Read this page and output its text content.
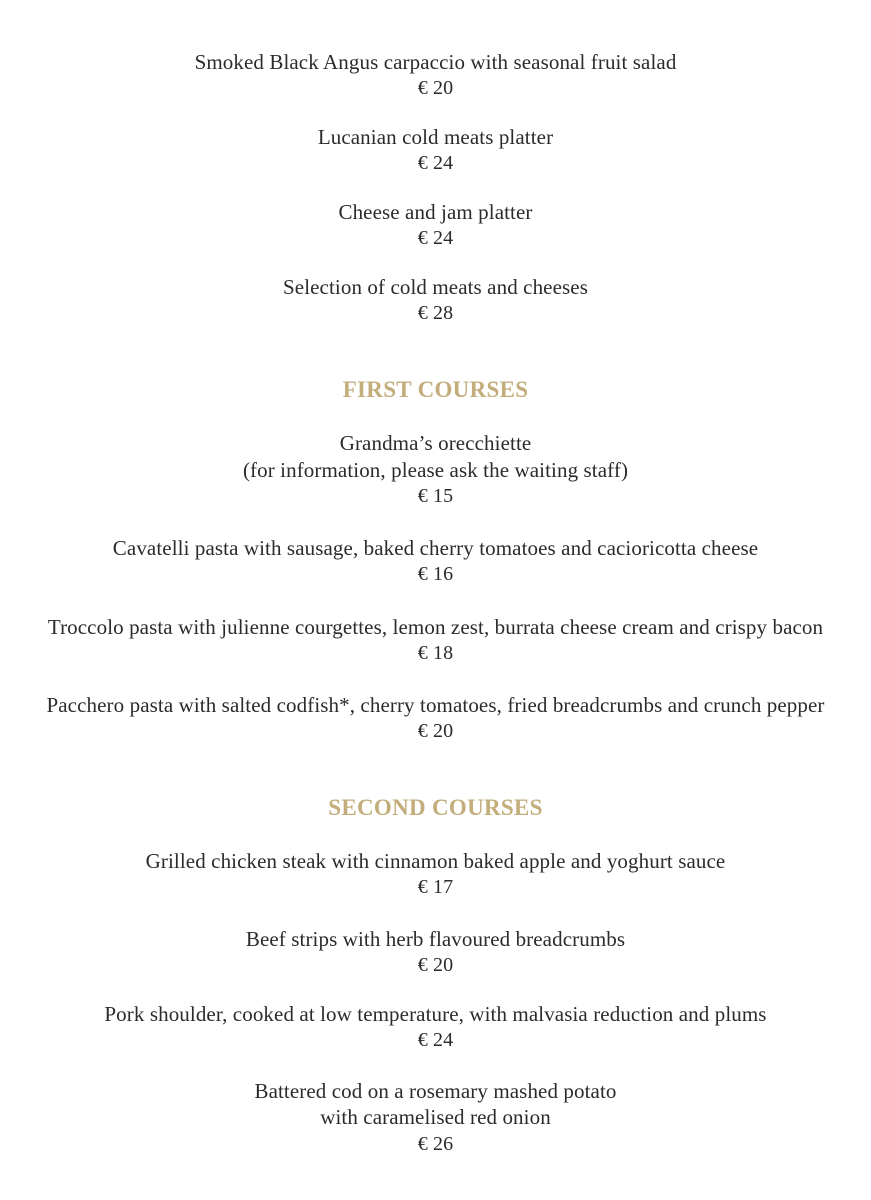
Smoked Black Angus carpaccio with seasonal fruit salad
€ 20
Lucanian cold meats platter
€ 24
Cheese and jam platter
€ 24
Selection of cold meats and cheeses
€ 28
FIRST COURSES
Grandma’s orecchiette
(for information, please ask the waiting staff)
€ 15
Cavatelli pasta with sausage, baked cherry tomatoes and cacioricotta cheese
€ 16
Troccolo pasta with julienne courgettes, lemon zest, burrata cheese cream and crispy bacon
€ 18
Pacchero pasta with salted codfish*, cherry tomatoes, fried breadcrumbs and crunch pepper
€ 20
SECOND COURSES
Grilled chicken steak with cinnamon baked apple and yoghurt sauce
€ 17
Beef strips with herb flavoured breadcrumbs
€ 20
Pork shoulder, cooked at low temperature, with malvasia reduction and plums
€ 24
Battered cod on a rosemary mashed potato
with caramelised red onion
€ 26
